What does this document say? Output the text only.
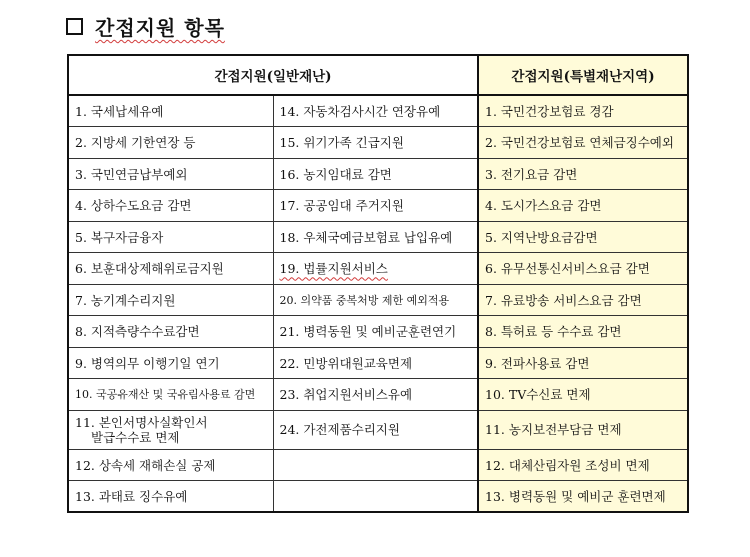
간접지원 항목
간접지원(일반재난)		간접지원(특별재난지역)
1. 국세납세유예	14. 자동차검사시간 연장유예	1. 국민건강보험료 경감
2. 지방세 기한연장 등	15. 위기가족 긴급지원	2. 국민건강보험료 연체금징수예외
3. 국민연금납부예외	16. 농지임대료 감면	3. 전기요금 감면
4. 상하수도요금 감면	17. 공공임대 주거지원	4. 도시가스요금 감면
5. 복구자금융자	18. 우체국예금보험료 납입유예	5. 지역난방요금감면
6. 보훈대상제해위로금지원	19. 법률지원서비스	6. 유무선통신서비스요금 감면
7. 농기계수리지원	20. 의약품 중복처방 제한 예외적용	7. 유료방송 서비스요금 감면
8. 지적측량수수료감면	21. 병력동원 및 예비군훈련연기	8. 특허료 등 수수료 감면
9. 병역의무 이행기일 연기	22. 민방위대원교육면제	9. 전파사용료 감면
10. 국공유재산 및 국유림사용료 감면	23. 취업지원서비스유예	10. TV수신료 면제

11. 본인서명사실확인서
발급수수료 면제	24. 가전제품수리지원	11. 농지보전부담금 면제
12. 상속세 재해손실 공제		12. 대체산림자원 조성비 면제
13. 과태료 징수유예		13. 병력동원 및 예비군 훈련면제
